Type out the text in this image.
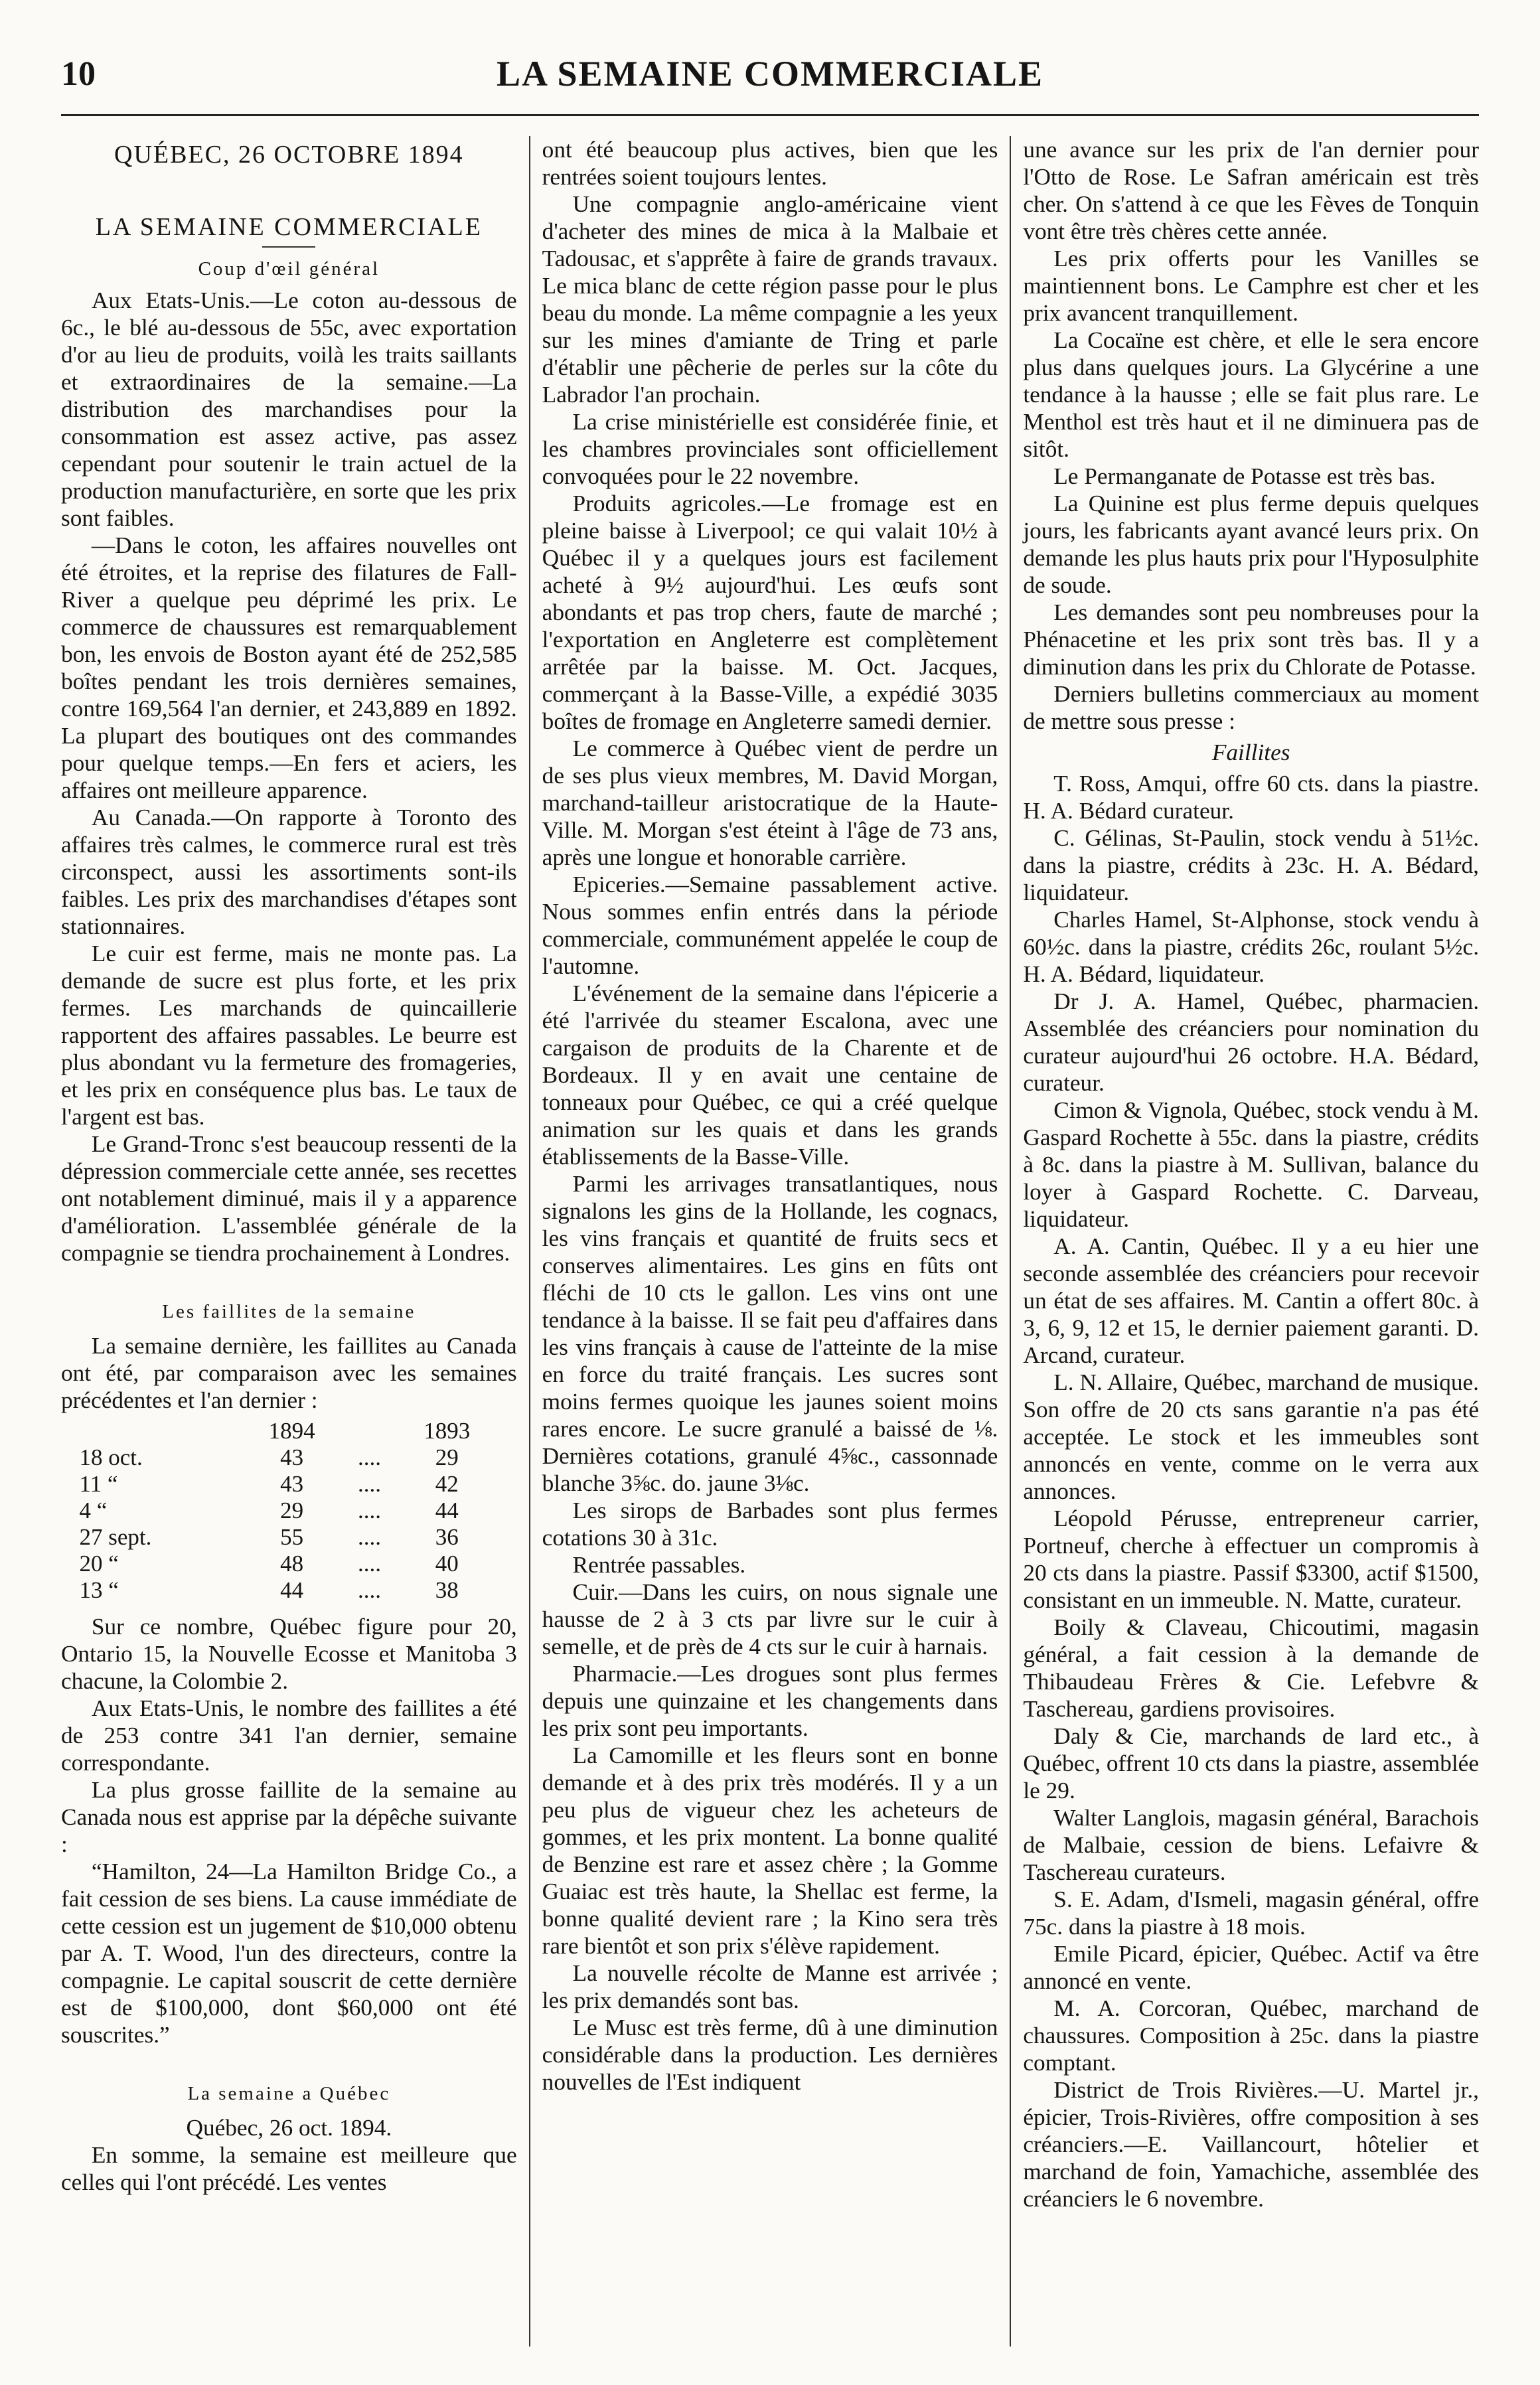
10	LA SEMAINE COMMERCIALE
QUÉBEC, 26 OCTOBRE 1894
LA SEMAINE COMMERCIALE
Coup d'œil général

Aux Etats-Unis.—Le coton au-dessous de 6c., le blé au-dessous de 55c, avec exportation d'or au lieu de produits, voilà les traits saillants et extraordinaires de la semaine.—La distribution des marchandises pour la consommation est assez active, pas assez cependant pour soutenir le train actuel de la production manufacturière, en sorte que les prix sont faibles.

—Dans le coton, les affaires nouvelles ont été étroites, et la reprise des filatures de Fall-River a quelque peu déprimé les prix. Le commerce de chaussures est remarquablement bon, les envois de Boston ayant été de 252,585 boîtes pendant les trois dernières semaines, contre 169,564 l'an dernier, et 243,889 en 1892. La plupart des boutiques ont des commandes pour quelque temps.—En fers et aciers, les affaires ont meilleure apparence.

Au Canada.—On rapporte à Toronto des affaires très calmes, le commerce rural est très circonspect, aussi les assortiments sont-ils faibles. Les prix des marchandises d'étapes sont stationnaires.

Le cuir est ferme, mais ne monte pas. La demande de sucre est plus forte, et les prix fermes. Les marchands de quincaillerie rapportent des affaires passables. Le beurre est plus abondant vu la fermeture des fromageries, et les prix en conséquence plus bas. Le taux de l'argent est bas.

Le Grand-Tronc s'est beaucoup ressenti de la dépression commerciale cette année, ses recettes ont notablement diminué, mais il y a apparence d'amélioration. L'assemblée générale de la compagnie se tiendra prochainement à Londres.

Les faillites de la semaine

La semaine dernière, les faillites au Canada ont été, par comparaison avec les semaines précédentes et l'an dernier :

	1894		1893
18 oct.	43	....	29
11 “	43	....	42
4 “	29	....	44
27 sept.	55	....	36
20 “	48	....	40
13 “	44	....	38

Sur ce nombre, Québec figure pour 20, Ontario 15, la Nouvelle Ecosse et Manitoba 3 chacune, la Colombie 2.

Aux Etats-Unis, le nombre des faillites a été de 253 contre 341 l'an dernier, semaine correspondante.

La plus grosse faillite de la semaine au Canada nous est apprise par la dépêche suivante :

“Hamilton, 24—La Hamilton Bridge Co., a fait cession de ses biens. La cause immédiate de cette cession est un jugement de $10,000 obtenu par A. T. Wood, l'un des directeurs, contre la compagnie. Le capital souscrit de cette dernière est de $100,000, dont $60,000 ont été souscrites.”

La semaine a Québec

Québec, 26 oct. 1894.

En somme, la semaine est meilleure que celles qui l'ont précédé. Les ventes

ont été beaucoup plus actives, bien que les rentrées soient toujours lentes.

Une compagnie anglo-américaine vient d'acheter des mines de mica à la Malbaie et Tadousac, et s'apprête à faire de grands travaux. Le mica blanc de cette région passe pour le plus beau du monde. La même compagnie a les yeux sur les mines d'amiante de Tring et parle d'établir une pêcherie de perles sur la côte du Labrador l'an prochain.

La crise ministérielle est considérée finie, et les chambres provinciales sont officiellement convoquées pour le 22 novembre.

Produits agricoles.—Le fromage est en pleine baisse à Liverpool; ce qui valait 10½ à Québec il y a quelques jours est facilement acheté à 9½ aujourd'hui. Les œufs sont abondants et pas trop chers, faute de marché ; l'exportation en Angleterre est complètement arrêtée par la baisse. M. Oct. Jacques, commerçant à la Basse-Ville, a expédié 3035 boîtes de fromage en Angleterre samedi dernier.

Le commerce à Québec vient de perdre un de ses plus vieux membres, M. David Morgan, marchand-tailleur aristocratique de la Haute-Ville. M. Morgan s'est éteint à l'âge de 73 ans, après une longue et honorable carrière.

Epiceries.—Semaine passablement active. Nous sommes enfin entrés dans la période commerciale, communément appelée le coup de l'automne.

L'événement de la semaine dans l'épicerie a été l'arrivée du steamer Escalona, avec une cargaison de produits de la Charente et de Bordeaux. Il y en avait une centaine de tonneaux pour Québec, ce qui a créé quelque animation sur les quais et dans les grands établissements de la Basse-Ville.

Parmi les arrivages transatlantiques, nous signalons les gins de la Hollande, les cognacs, les vins français et quantité de fruits secs et conserves alimentaires. Les gins en fûts ont fléchi de 10 cts le gallon. Les vins ont une tendance à la baisse. Il se fait peu d'affaires dans les vins français à cause de l'atteinte de la mise en force du traité français. Les sucres sont moins fermes quoique les jaunes soient moins rares encore. Le sucre granulé a baissé de ⅛. Dernières cotations, granulé 4⅝c., cassonnade blanche 3⅝c. do. jaune 3⅛c.

Les sirops de Barbades sont plus fermes cotations 30 à 31c.

Rentrée passables.

Cuir.—Dans les cuirs, on nous signale une hausse de 2 à 3 cts par livre sur le cuir à semelle, et de près de 4 cts sur le cuir à harnais.

Pharmacie.—Les drogues sont plus fermes depuis une quinzaine et les changements dans les prix sont peu importants.

La Camomille et les fleurs sont en bonne demande et à des prix très modérés. Il y a un peu plus de vigueur chez les acheteurs de gommes, et les prix montent. La bonne qualité de Benzine est rare et assez chère ; la Gomme Guaiac est très haute, la Shellac est ferme, la bonne qualité devient rare ; la Kino sera très rare bientôt et son prix s'élève rapidement.

La nouvelle récolte de Manne est arrivée ; les prix demandés sont bas.

Le Musc est très ferme, dû à une diminution considérable dans la production. Les dernières nouvelles de l'Est indiquent

une avance sur les prix de l'an dernier pour l'Otto de Rose. Le Safran américain est très cher. On s'attend à ce que les Fèves de Tonquin vont être très chères cette année.

Les prix offerts pour les Vanilles se maintiennent bons. Le Camphre est cher et les prix avancent tranquillement.

La Cocaïne est chère, et elle le sera encore plus dans quelques jours. La Glycérine a une tendance à la hausse ; elle se fait plus rare. Le Menthol est très haut et il ne diminuera pas de sitôt.

Le Permanganate de Potasse est très bas.

La Quinine est plus ferme depuis quelques jours, les fabricants ayant avancé leurs prix. On demande les plus hauts prix pour l'Hyposulphite de soude.

Les demandes sont peu nombreuses pour la Phénacetine et les prix sont très bas. Il y a diminution dans les prix du Chlorate de Potasse.

Derniers bulletins commerciaux au moment de mettre sous presse :

Faillites

T. Ross, Amqui, offre 60 cts. dans la piastre. H. A. Bédard curateur.

C. Gélinas, St-Paulin, stock vendu à 51½c. dans la piastre, crédits à 23c. H. A. Bédard, liquidateur.

Charles Hamel, St-Alphonse, stock vendu à 60½c. dans la piastre, crédits 26c, roulant 5½c. H. A. Bédard, liquidateur.

Dr J. A. Hamel, Québec, pharmacien. Assemblée des créanciers pour nomination du curateur aujourd'hui 26 octobre. H.A. Bédard, curateur.

Cimon & Vignola, Québec, stock vendu à M. Gaspard Rochette à 55c. dans la piastre, crédits à 8c. dans la piastre à M. Sullivan, balance du loyer à Gaspard Rochette. C. Darveau, liquidateur.

A. A. Cantin, Québec. Il y a eu hier une seconde assemblée des créanciers pour recevoir un état de ses affaires. M. Cantin a offert 80c. à 3, 6, 9, 12 et 15, le dernier paiement garanti. D. Arcand, curateur.

L. N. Allaire, Québec, marchand de musique. Son offre de 20 cts sans garantie n'a pas été acceptée. Le stock et les immeubles sont annoncés en vente, comme on le verra aux annonces.

Léopold Pérusse, entrepreneur carrier, Portneuf, cherche à effectuer un compromis à 20 cts dans la piastre. Passif $3300, actif $1500, consistant en un immeuble. N. Matte, curateur.

Boily & Claveau, Chicoutimi, magasin général, a fait cession à la demande de Thibaudeau Frères & Cie. Lefebvre & Taschereau, gardiens provisoires.

Daly & Cie, marchands de lard etc., à Québec, offrent 10 cts dans la piastre, assemblée le 29.

Walter Langlois, magasin général, Barachois de Malbaie, cession de biens. Lefaivre & Taschereau curateurs.

S. E. Adam, d'Ismeli, magasin général, offre 75c. dans la piastre à 18 mois.

Emile Picard, épicier, Québec. Actif va être annoncé en vente.

M. A. Corcoran, Québec, marchand de chaussures. Composition à 25c. dans la piastre comptant.

District de Trois Rivières.—U. Martel jr., épicier, Trois-Rivières, offre composition à ses créanciers.—E. Vaillancourt, hôtelier et marchand de foin, Yamachiche, assemblée des créanciers le 6 novembre.
